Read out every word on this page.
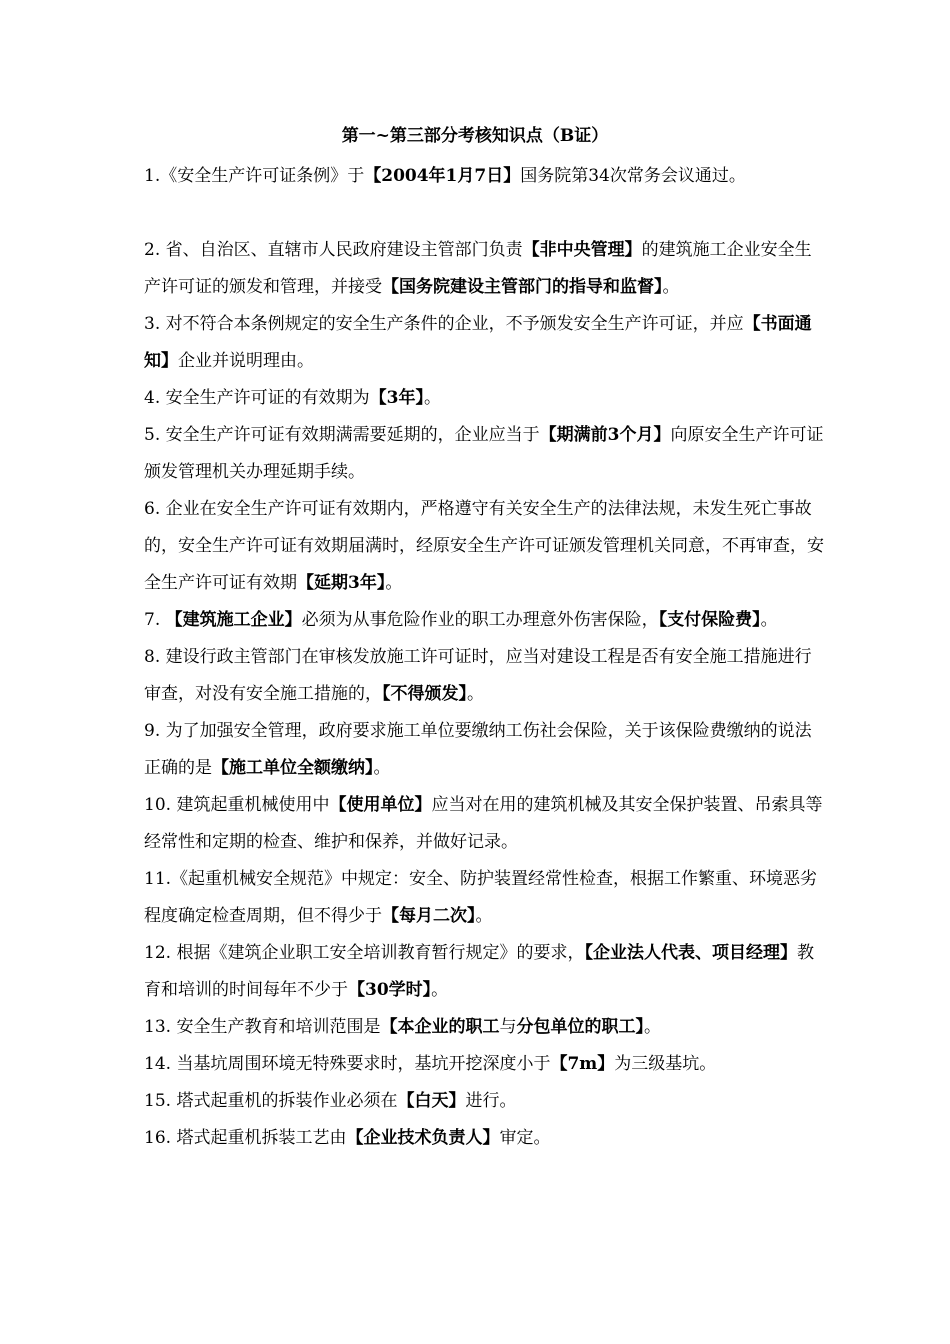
第一~第三部分考核知识点（B证）

1.《安全生产许可证条例》于【2004年1月7日】国务院第34次常务会议通过。

2. 省、自治区、直辖市人民政府建设主管部门负责【非中央管理】的建筑施工企业安全生产许可证的颁发和管理，并接受【国务院建设主管部门的指导和监督】。

3. 对不符合本条例规定的安全生产条件的企业，不予颁发安全生产许可证，并应【书面通知】企业并说明理由。

4. 安全生产许可证的有效期为【3年】。

5. 安全生产许可证有效期满需要延期的，企业应当于【期满前3个月】向原安全生产许可证颁发管理机关办理延期手续。

6. 企业在安全生产许可证有效期内，严格遵守有关安全生产的法律法规，未发生死亡事故的，安全生产许可证有效期届满时，经原安全生产许可证颁发管理机关同意，不再审查，安全生产许可证有效期【延期3年】。

7. 【建筑施工企业】必须为从事危险作业的职工办理意外伤害保险，【支付保险费】。

8. 建设行政主管部门在审核发放施工许可证时，应当对建设工程是否有安全施工措施进行审查，对没有安全施工措施的，【不得颁发】。

9. 为了加强安全管理，政府要求施工单位要缴纳工伤社会保险，关于该保险费缴纳的说法正确的是【施工单位全额缴纳】。

10. 建筑起重机械使用中【使用单位】应当对在用的建筑机械及其安全保护装置、吊索具等经常性和定期的检查、维护和保养，并做好记录。

11.《起重机械安全规范》中规定：安全、防护装置经常性检查，根据工作繁重、环境恶劣程度确定检查周期，但不得少于【每月二次】。

12. 根据《建筑企业职工安全培训教育暂行规定》的要求，【企业法人代表、项目经理】教育和培训的时间每年不少于【30学时】。

13. 安全生产教育和培训范围是【本企业的职工与分包单位的职工】。

14. 当基坑周围环境无特殊要求时，基坑开挖深度小于【7m】为三级基坑。

15. 塔式起重机的拆装作业必须在【白天】进行。

16. 塔式起重机拆装工艺由【企业技术负责人】审定。
